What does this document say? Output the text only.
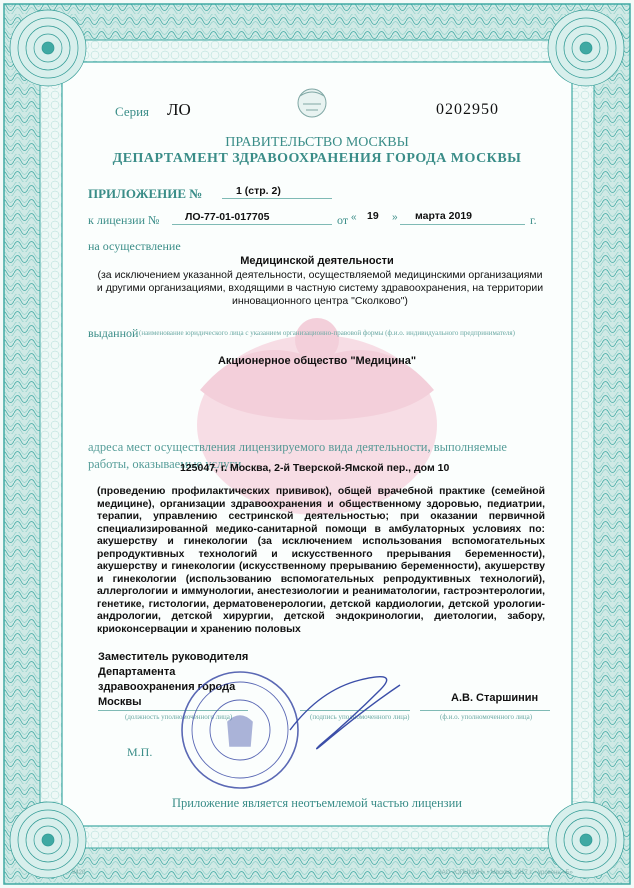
Серия ЛО	0202950
ПРАВИТЕЛЬСТВО МОСКВЫ
ДЕПАРТАМЕНТ ЗДРАВООХРАНЕНИЯ ГОРОДА МОСКВЫ
ПРИЛОЖЕНИЕ №	1 (стр. 2)
к лицензии № ЛО-77-01-017705	от « 19 » марта 2019	г.
на осуществление
Медицинской деятельности
(за исключением указанной деятельности, осуществляемой медицинскими организациями и другими организациями, входящими в частную систему здравоохранения, на территории инновационного центра "Сколково")
выданной (наименование юридического лица с указанием организационно-правовой формы (ф.и.о. индивидуального предпринимателя)
Акционерное общество "Медицина"
адреса мест осуществления лицензируемого вида деятельности, выполняемые работы, оказываемые услуги
125047, г. Москва, 2-й Тверской-Ямской пер., дом 10
(проведению профилактических прививок), общей врачебной практике (семейной медицине), организации здравоохранения и общественному здоровью, педиатрии, терапии, управлению сестринской деятельностью; при оказании первичной специализированной медико-санитарной помощи в амбулаторных условиях по: акушерству и гинекологии (за исключением использования вспомогательных репродуктивных технологий и искусственного прерывания беременности), акушерству и гинекологии (искусственному прерыванию беременности), акушерству и гинекологии (использованию вспомогательных репродуктивных технологий), аллергологии и иммунологии, анестезиологии и реаниматологии, гастроэнтерологии, генетике, гистологии, дерматовенерологии, детской кардиологии, детской урологии-андрологии, детской хирургии, детской эндокринологии, диетологии, забору, криоконсервации и хранению половых
Заместитель руководителя
Департамента
здравоохранения города
Москвы	А.В. Старшинин
(должность уполномоченного лица)	(подпись уполномоченного лица)	(ф.и.о. уполномоченного лица)
М.П.
Приложение является неотъемлемой частью лицензии
9420	ЗАО «ОПЦИОН» • Москва, 2017 г. • уровень «Б»
